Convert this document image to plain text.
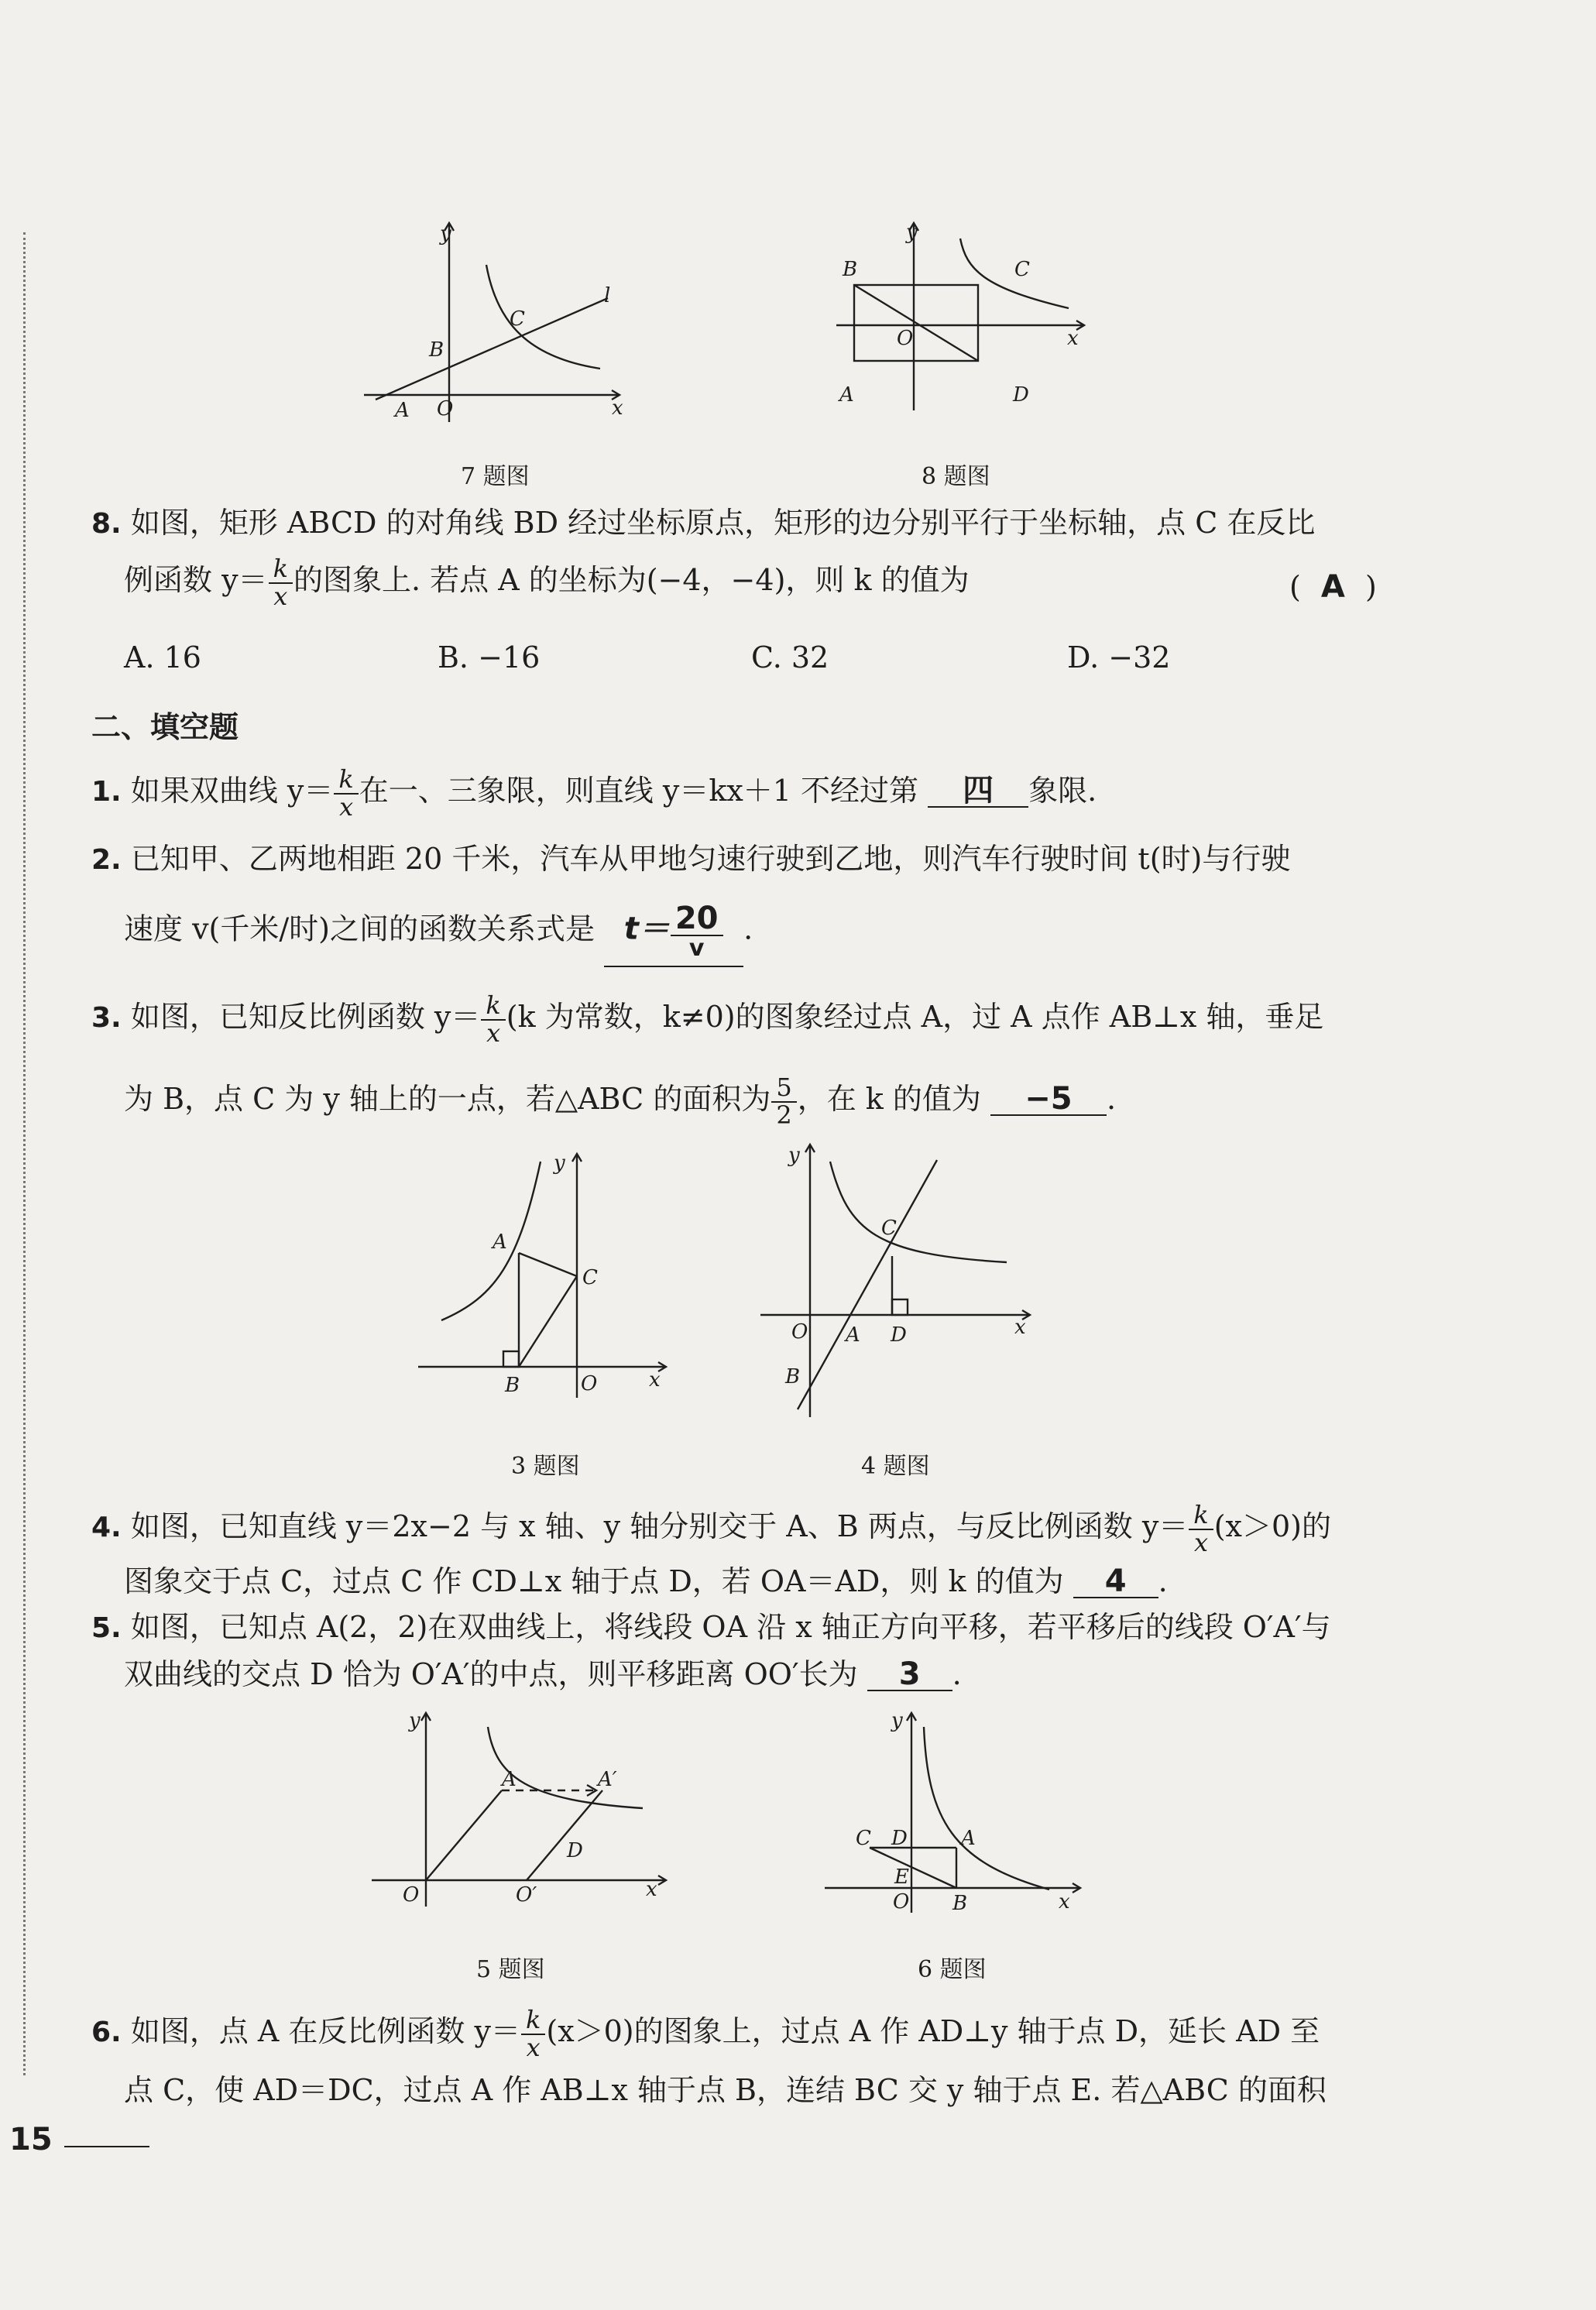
y
x
O
A
B
C
l
7 题图
y
x
O
A
B	C
D
8 题图
8. 如图，矩形 ABCD 的对角线 BD 经过坐标原点，矩形的边分别平行于坐标轴，点 C 在反比
例函数 $y= \frac{k}{x}$ 的图象上. 若点 A 的坐标为(−4，−4)，则 k 的值为	( A )
A. 16	B. −16	C. 32	D. −32
二、填空题
1. 如果双曲线 $y= \frac{k}{x}$ 在一、三象限，则直线 y＝kx＋1 不经过第 四 象限.
2. 已知甲、乙两地相距 20 千米，汽车从甲地匀速行驶到乙地，则汽车行驶时间 t(时)与行驶
速度 v(千米/时)之间的函数关系式是 $t= \frac{20}{v}$ .
3. 如图，已知反比例函数 $y= \frac{k}{x} (k$ 为常数，k≠0)的图象经过点 A，过 A 点作 AB⊥x 轴，垂足
为 B，点 C 为 y 轴上的一点，若△ABC 的面积为 $\frac{5}{2}$ ，在 k 的值为 −5 .
y
x
O
A
B
C
3 题图
y
x
O A
B
C
D
4 题图
4. 如图，已知直线 y＝2x−2 与 x 轴、y 轴分别交于 A、B 两点，与反比例函数 $y= \frac{k}{x} (x>0)$的
图象交于点 C，过点 C 作 CD⊥x 轴于点 D，若 OA＝AD，则 k 的值为 4 .
5. 如图，已知点 A(2，2)在双曲线上，将线段 OA 沿 x 轴正方向平移，若平移后的线段 O′A′与
双曲线的交点 D 恰为 O′A′的中点，则平移距离 OO′长为 3 .
y
x
O
A	A′
D
O′
5 题图
y
x
O
A
B
C D
E
6 题图
6. 如图，点 A 在反比例函数 $y= \frac{k}{x} (x>0)$的图象上，过点 A 作 AD⊥y 轴于点 D，延长 AD 至
点 C，使 AD＝DC，过点 A 作 AB⊥x 轴于点 B，连结 BC 交 y 轴于点 E. 若△ABC 的面积
15
